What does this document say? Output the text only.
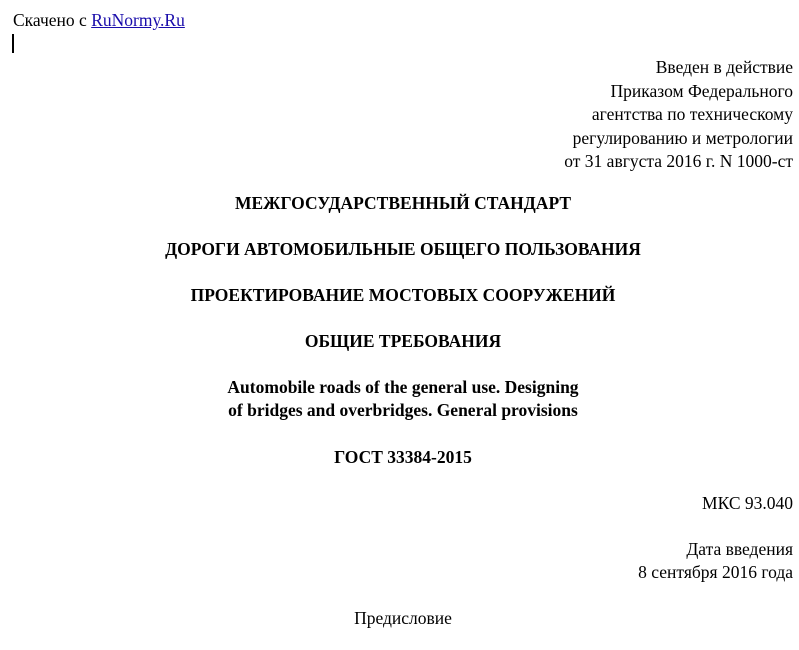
Скачено с RuNormy.Ru
Введен в действие
Приказом Федерального
агентства по техническому
регулированию и метрологии
от 31 августа 2016 г. N 1000-ст
МЕЖГОСУДАРСТВЕННЫЙ СТАНДАРТ
ДОРОГИ АВТОМОБИЛЬНЫЕ ОБЩЕГО ПОЛЬЗОВАНИЯ
ПРОЕКТИРОВАНИЕ МОСТОВЫХ СООРУЖЕНИЙ
ОБЩИЕ ТРЕБОВАНИЯ
Automobile roads of the general use. Designing
of bridges and overbridges. General provisions
ГОСТ 33384-2015
МКС 93.040
Дата введения
8 сентября 2016 года
Предисловие
